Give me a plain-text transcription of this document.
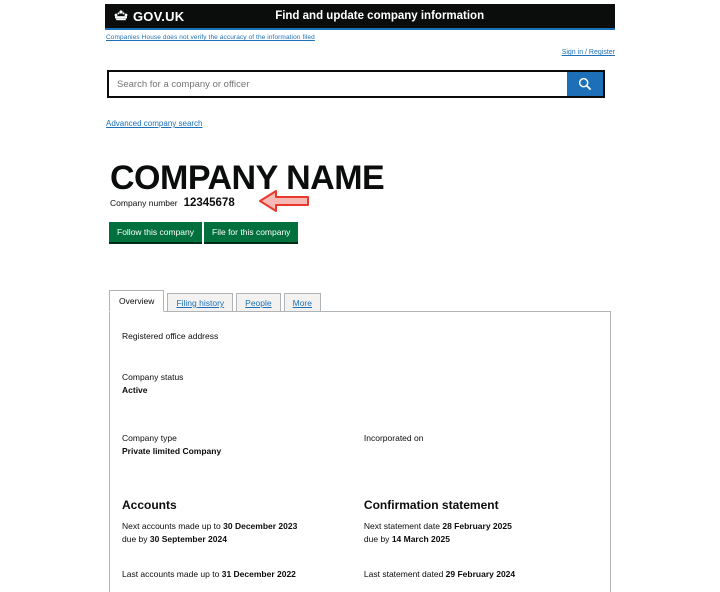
GOV.UK	Find and update company information
Companies House does not verify the accuracy of the information filed
Sign in / Register
Search for a company or officer
Advanced company search
COMPANY NAME
Company number 12345678
Follow this company	File for this company
Overview	Filing history	People	More

Registered office address

Company status

Active

Company type

Private limited Company

Incorporated on

Accounts

Next accounts made up to 30 December 2023

due by 30 September 2024

Last accounts made up to 31 December 2022

Confirmation statement

Next statement date 28 February 2025

due by 14 March 2025

Last statement dated 29 February 2024
